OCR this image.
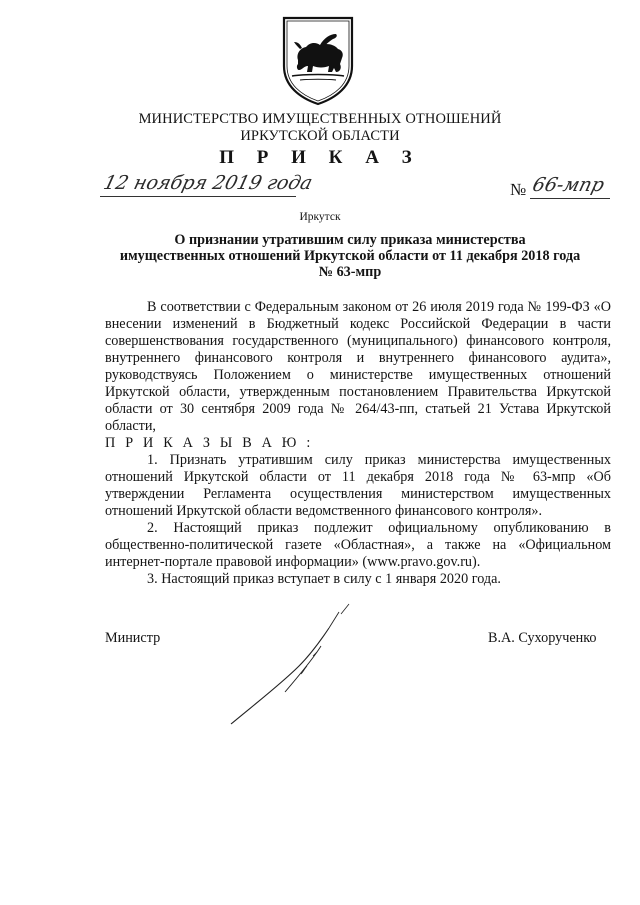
МИНИСТЕРСТВО ИМУЩЕСТВЕННЫХ ОТНОШЕНИЙ
ИРКУТСКОЙ ОБЛАСТИ
П Р И К А З
12 ноября 2019 года	№ 66-мпр
Иркутск
О признании утратившим силу приказа министерства
имущественных отношений Иркутской области от 11 декабря 2018 года
№ 63-мпр

В соответствии с Федеральным законом от 26 июля 2019 года № 199-ФЗ «О внесении изменений в Бюджетный кодекс Российской Федерации в части совершенствования государственного (муниципального) финансового контроля, внутреннего финансового контроля и внутреннего финансового аудита», руководствуясь Положением о министерстве имущественных отношений Иркутской области, утвержденным постановлением Правительства Иркутской области от 30 сентября 2009 года № 264/43-пп, статьей 21 Устава Иркутской области,

П Р И К А З Ы В А Ю :

1. Признать утратившим силу приказ министерства имущественных отношений Иркутской области от 11 декабря 2018 года № 63-мпр «Об утверждении Регламента осуществления министерством имущественных отношений Иркутской области ведомственного финансового контроля».

2. Настоящий приказ подлежит официальному опубликованию в общественно-политической газете «Областная», а также на «Официальном интернет-портале правовой информации» (www.pravo.gov.ru).

3. Настоящий приказ вступает в силу с 1 января 2020 года.

Министр	В.А. Сухорученко
